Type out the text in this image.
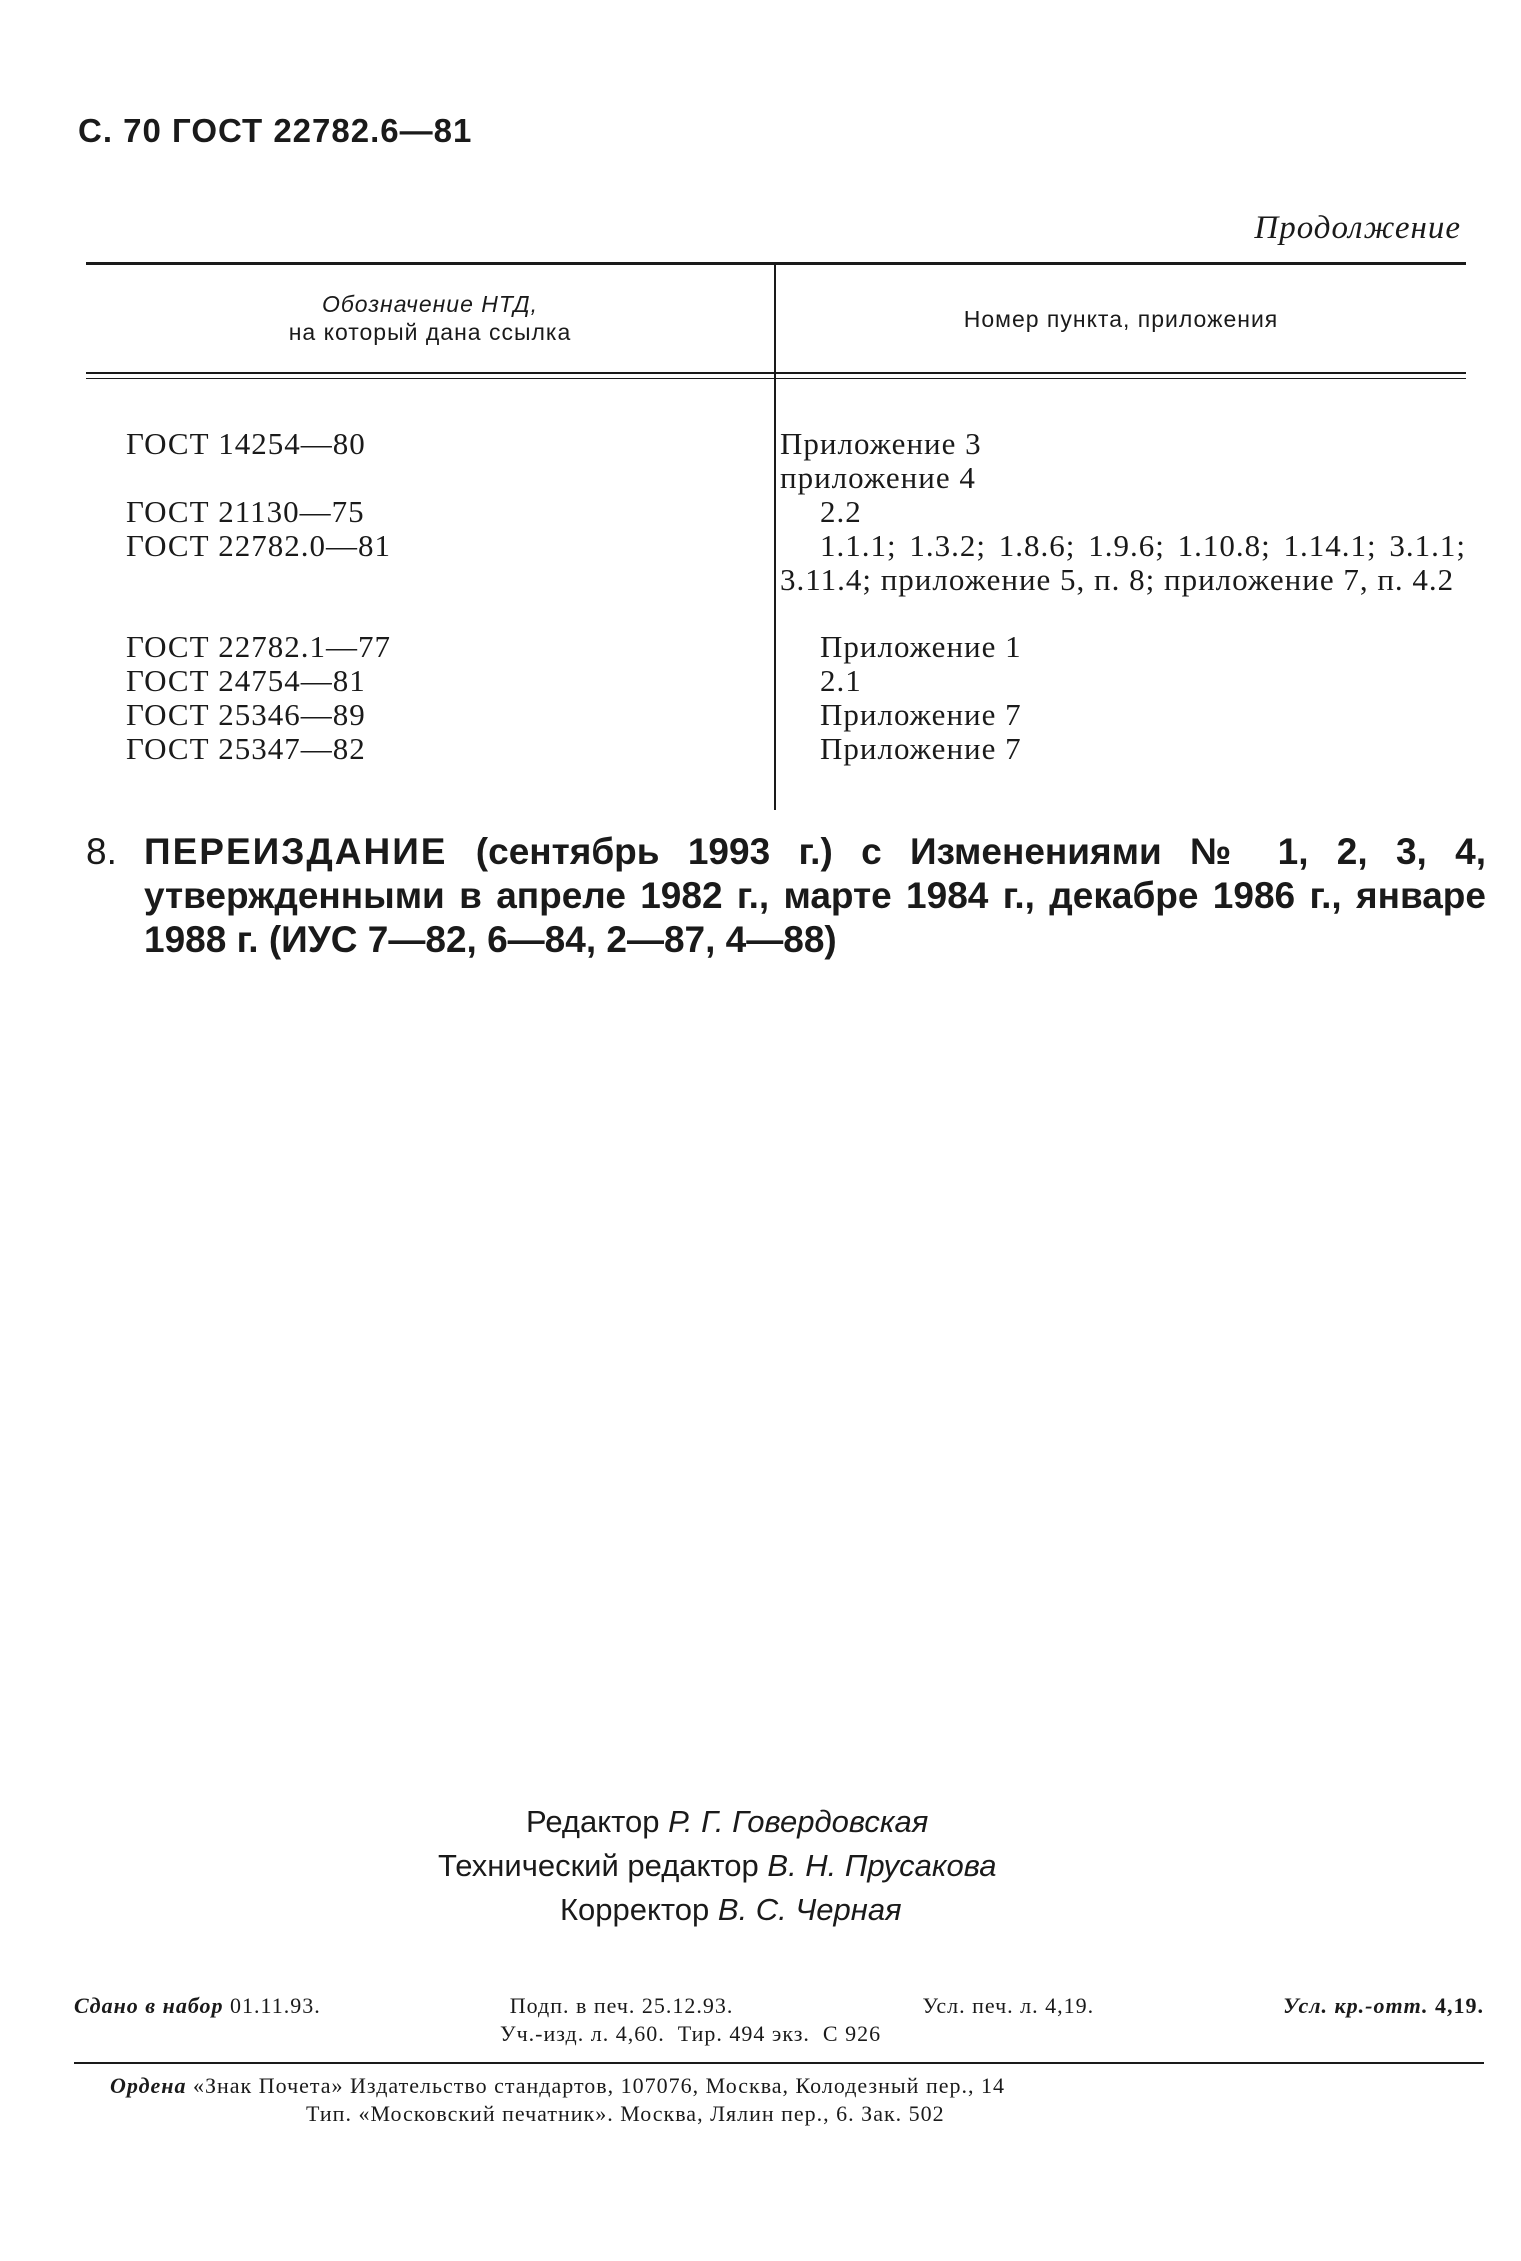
С. 70 ГОСТ 22782.6—81
Продолжение
Обозначение НТД,
на который дана ссылка	Номер пункта, приложения
ГОСТ 14254—80	Приложение 3
приложение 4
ГОСТ 21130—75	2.2
ГОСТ 22782.0—81	1.1.1; 1.3.2; 1.8.6; 1.9.6; 1.10.8; 1.14.1; 3.1.1; 3.11.4; приложение 5, п. 8; приложение 7, п. 4.2
ГОСТ 22782.1—77	Приложение 1
ГОСТ 24754—81	2.1
ГОСТ 25346—89	Приложение 7
ГОСТ 25347—82	Приложение 7
8. ПЕРЕИЗДАНИЕ (сентябрь 1993 г.) с Изменениями № 1, 2, 3, 4, утвержденными в апреле 1982 г., марте 1984 г., декабре 1986 г., январе 1988 г. (ИУС 7—82, 6—84, 2—87, 4—88)
Редактор Р. Г. Говердовская
Технический редактор В. Н. Прусакова
Корректор В. С. Черная
Сдано в набор 01.11.93.	Подп. в печ. 25.12.93.	Усл. печ. л. 4,19.	Усл. кр.-отт. 4,19.
Уч.-изд. л. 4,60. Тир. 494 экз. С 926
Ордена «Знак Почета» Издательство стандартов, 107076, Москва, Колодезный пер., 14
Тип. «Московский печатник». Москва, Лялин пер., 6. Зак. 502
